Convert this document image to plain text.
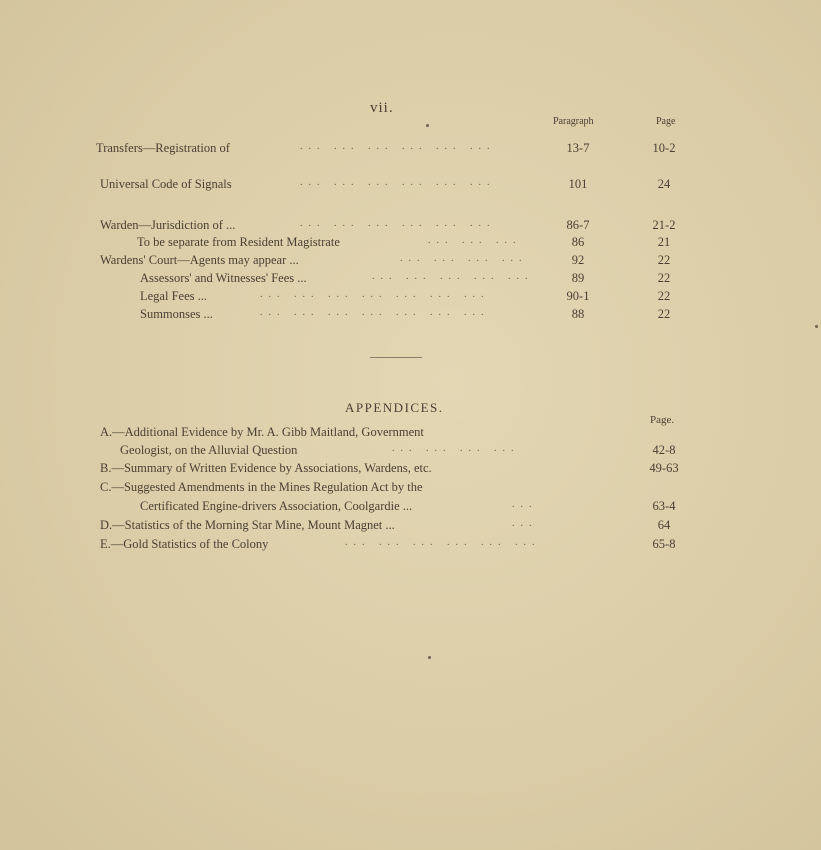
vii.
Paragraph	Page
Transfers—Registration of	... ... ... ... ... ...	13-7	10-2
Universal Code of Signals	... ... ... ... ... ...	101	24
Warden—Jurisdiction of ...	... ... ... ... ... ...	86-7	21-2
To be separate from Resident Magistrate	... ... ...	86	21
Wardens' Court—Agents may appear ...	... ... ... ...	92	22
Assessors' and Witnesses' Fees ...	... ... ... ... ...	89	22
Legal Fees ...	... ... ... ... ... ... ...	90-1	22
Summonses ...	... ... ... ... ... ... ...	88	22
APPENDICES.
Page.
A.—Additional Evidence by Mr. A. Gibb Maitland, Government
Geologist, on the Alluvial Question	... ... ... ...	42-8
B.—Summary of Written Evidence by Associations, Wardens, etc.	49-63
C.—Suggested Amendments in the Mines Regulation Act by the
Certificated Engine-drivers Association, Coolgardie ...	...	63-4
D.—Statistics of the Morning Star Mine, Mount Magnet ...	...	64
E.—Gold Statistics of the Colony	... ... ... ... ... ...	65-8
